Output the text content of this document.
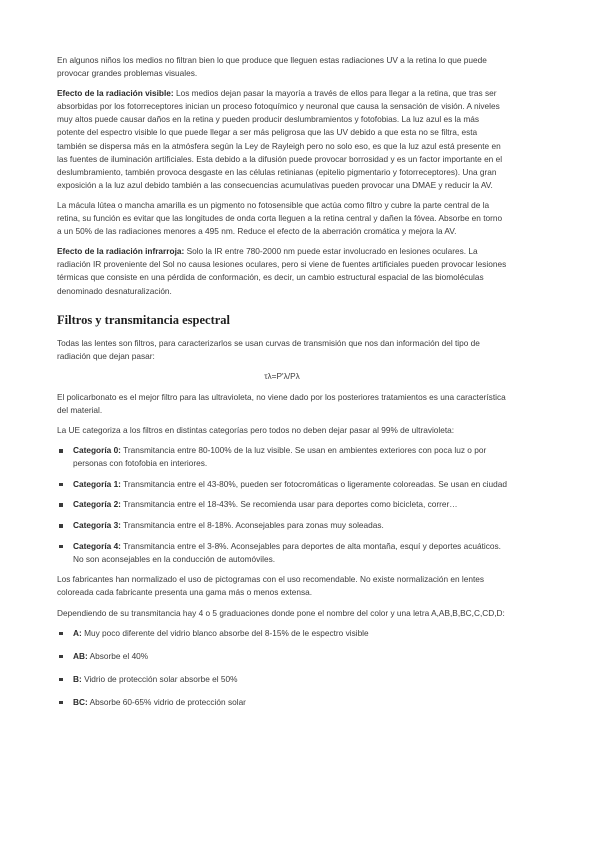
En algunos niños los medios no filtran bien lo que produce que lleguen estas radiaciones UV a la retina lo que puede provocar grandes problemas visuales.

Efecto de la radiación visible: Los medios dejan pasar la mayoría a través de ellos para llegar a la retina, que tras ser absorbidas por los fotorreceptores inician un proceso fotoquímico y neuronal que causa la sensación de visión. A niveles muy altos puede causar daños en la retina y pueden producir deslumbramientos y fotofobias. La luz azul es la más potente del espectro visible lo que puede llegar a ser más peligrosa que las UV debido a que esta no se filtra, esta también se dispersa más en la atmósfera según la Ley de Rayleigh pero no solo eso, es que la luz azul está presente en las fuentes de iluminación artificiales. Esta debido a la difusión puede provocar borrosidad y es un factor importante en el deslumbramiento, también provoca desgaste en las células retinianas (epitelio pigmentario y fotorreceptores). Una gran exposición a la luz azul debido también a las consecuencias acumulativas pueden provocar una DMAE y reducir la AV.

La mácula lútea o mancha amarilla es un pigmento no fotosensible que actúa como filtro y cubre la parte central de la retina, su función es evitar que las longitudes de onda corta lleguen a la retina central y dañen la fóvea. Absorbe en torno a un 50% de las radiaciones menores a 495 nm. Reduce el efecto de la aberración cromática y mejora la AV.

Efecto de la radiación infrarroja: Solo la IR entre 780-2000 nm puede estar involucrado en lesiones oculares. La radiación IR proveniente del Sol no causa lesiones oculares, pero si viene de fuentes artificiales pueden provocar lesiones térmicas que consiste en una pérdida de conformación, es decir, un cambio estructural espacial de las biomoléculas denominado desnaturalización.

Filtros y transmitancia espectral

Todas las lentes son filtros, para caracterizarlos se usan curvas de transmisión que nos dan información del tipo de radiación que dejan pasar:

τλ=P'λ/Pλ

El policarbonato es el mejor filtro para las ultravioleta, no viene dado por los posteriores tratamientos es una característica del material.

La UE categoriza a los filtros en distintas categorías pero todos no deben dejar pasar al 99% de ultravioleta:

Categoría 0: Transmitancia entre 80-100% de la luz visible. Se usan en ambientes exteriores con poca luz o por personas con fotofobia en interiores.
Categoría 1: Transmitancia entre el 43-80%, pueden ser fotocromáticas o ligeramente coloreadas. Se usan en ciudad
Categoría 2: Transmitancia entre el 18-43%. Se recomienda usar para deportes como bicicleta, correr…
Categoría 3: Transmitancia entre el 8-18%. Aconsejables para zonas muy soleadas.
Categoría 4: Transmitancia entre el 3-8%. Aconsejables para deportes de alta montaña, esquí y deportes acuáticos. No son aconsejables en la conducción de automóviles.

Los fabricantes han normalizado el uso de pictogramas con el uso recomendable. No existe normalización en lentes coloreada cada fabricante presenta una gama más o menos extensa.

Dependiendo de su transmitancia hay 4 o 5 graduaciones donde pone el nombre del color y una letra A,AB,B,BC,C,CD,D:

A: Muy poco diferente del vidrio blanco absorbe del 8-15% de le espectro visible
AB: Absorbe el 40%
B: Vidrio de protección solar absorbe el 50%
BC: Absorbe 60-65% vidrio de protección solar
